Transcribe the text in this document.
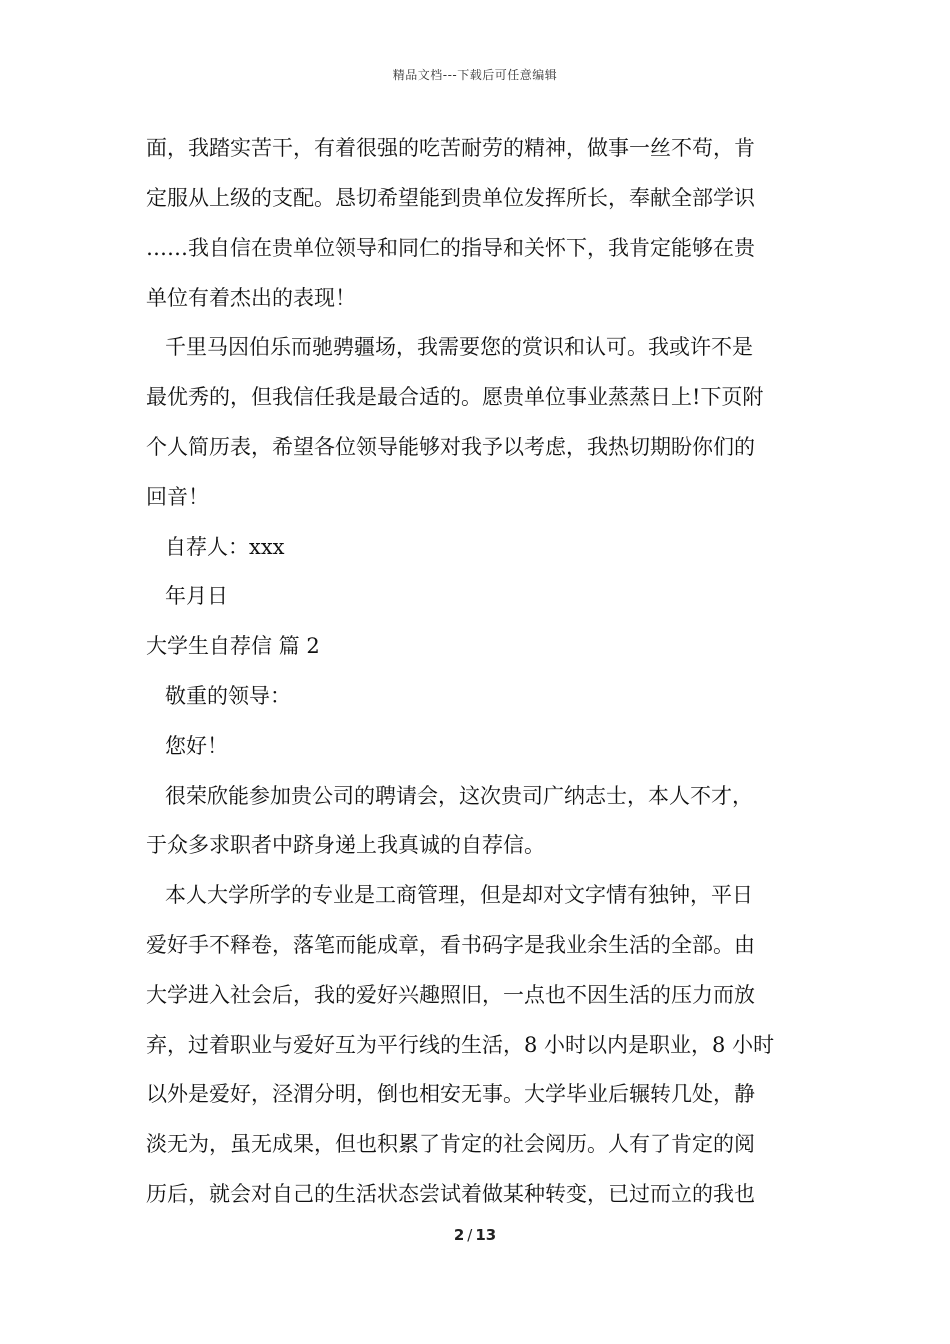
精品文档---下载后可任意编辑
面，我踏实苦干，有着很强的吃苦耐劳的精神，做事一丝不苟，肯
定服从上级的支配。恳切希望能到贵单位发挥所长，奉献全部学识
……我自信在贵单位领导和同仁的指导和关怀下，我肯定能够在贵
单位有着杰出的表现！
千里马因伯乐而驰骋疆场，我需要您的赏识和认可。我或许不是
最优秀的，但我信任我是最合适的。愿贵单位事业蒸蒸日上!下页附
个人简历表，希望各位领导能够对我予以考虑，我热切期盼你们的
回音！
自荐人：xxx
年月日
大学生自荐信 篇 2
敬重的领导：
您好！
很荣欣能参加贵公司的聘请会，这次贵司广纳志士，本人不才，
于众多求职者中跻身递上我真诚的自荐信。
本人大学所学的专业是工商管理，但是却对文字情有独钟，平日
爱好手不释卷，落笔而能成章，看书码字是我业余生活的全部。由
大学进入社会后，我的爱好兴趣照旧，一点也不因生活的压力而放
弃，过着职业与爱好互为平行线的生活，8 小时以内是职业，8 小时
以外是爱好，泾渭分明，倒也相安无事。大学毕业后辗转几处，静
淡无为，虽无成果，但也积累了肯定的社会阅历。人有了肯定的阅
历后，就会对自己的生活状态尝试着做某种转变，已过而立的我也
2 / 13
